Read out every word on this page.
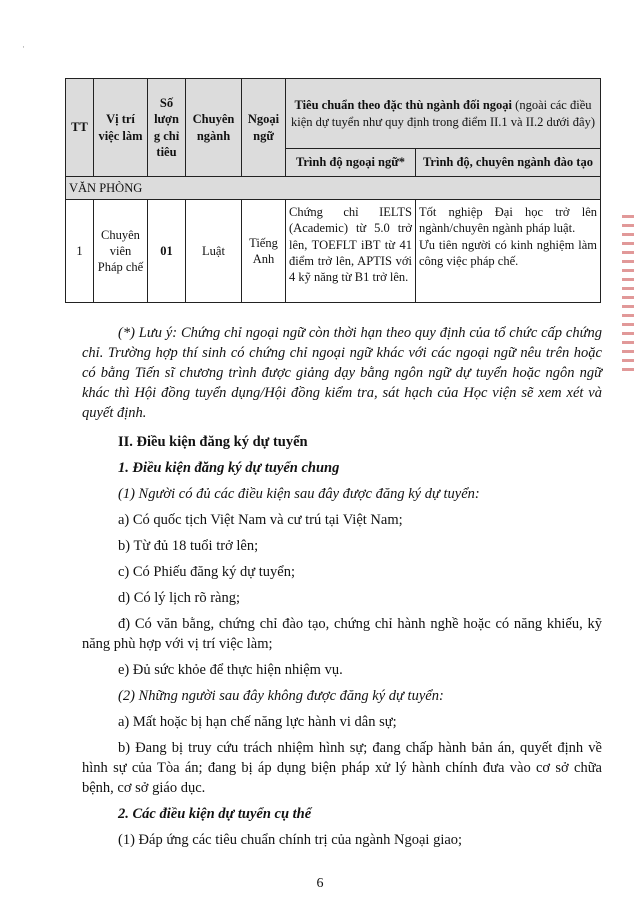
·
TT	Vị trí việc làm	Số lượn g chỉ tiêu	Chuyên ngành	Ngoại ngữ	Tiêu chuẩn theo đặc thù ngành đối ngoại (ngoài các điều kiện dự tuyển như quy định trong điểm II.1 và II.2 dưới đây)	
					Trình độ ngoại ngữ*	Trình độ, chuyên ngành đào tạo
VĂN PHÒNG						
1	Chuyên viên Pháp chế	01	Luật	Tiếng Anh	Chứng chỉ IELTS (Academic) từ 5.0 trở lên, TOEFLT iBT từ 41 điểm trở lên, APTIS với 4 kỹ năng từ B1 trở lên.	Tốt nghiệp Đại học trở lên ngành/chuyên ngành pháp luật.

Ưu tiên người có kinh nghiệm làm công việc pháp chế.

(*) Lưu ý: Chứng chỉ ngoại ngữ còn thời hạn theo quy định của tổ chức cấp chứng chỉ. Trường hợp thí sinh có chứng chỉ ngoại ngữ khác với các ngoại ngữ nêu trên hoặc có bằng Tiến sĩ chương trình được giảng dạy bằng ngôn ngữ dự tuyển hoặc ngôn ngữ khác thì Hội đồng tuyển dụng/Hội đồng kiểm tra, sát hạch của Học viện sẽ xem xét và quyết định.

II. Điều kiện đăng ký dự tuyển

1. Điều kiện đăng ký dự tuyển chung

(1) Người có đủ các điều kiện sau đây được đăng ký dự tuyển:

a) Có quốc tịch Việt Nam và cư trú tại Việt Nam;

b) Từ đủ 18 tuổi trở lên;

c) Có Phiếu đăng ký dự tuyển;

d) Có lý lịch rõ ràng;

đ) Có văn bằng, chứng chỉ đào tạo, chứng chỉ hành nghề hoặc có năng khiếu, kỹ năng phù hợp với vị trí việc làm;

e) Đủ sức khỏe để thực hiện nhiệm vụ.

(2) Những người sau đây không được đăng ký dự tuyển:

a) Mất hoặc bị hạn chế năng lực hành vi dân sự;

b) Đang bị truy cứu trách nhiệm hình sự; đang chấp hành bản án, quyết định về hình sự của Tòa án; đang bị áp dụng biện pháp xử lý hành chính đưa vào cơ sở chữa bệnh, cơ sở giáo dục.

2. Các điều kiện dự tuyển cụ thể

(1) Đáp ứng các tiêu chuẩn chính trị của ngành Ngoại giao;

6
